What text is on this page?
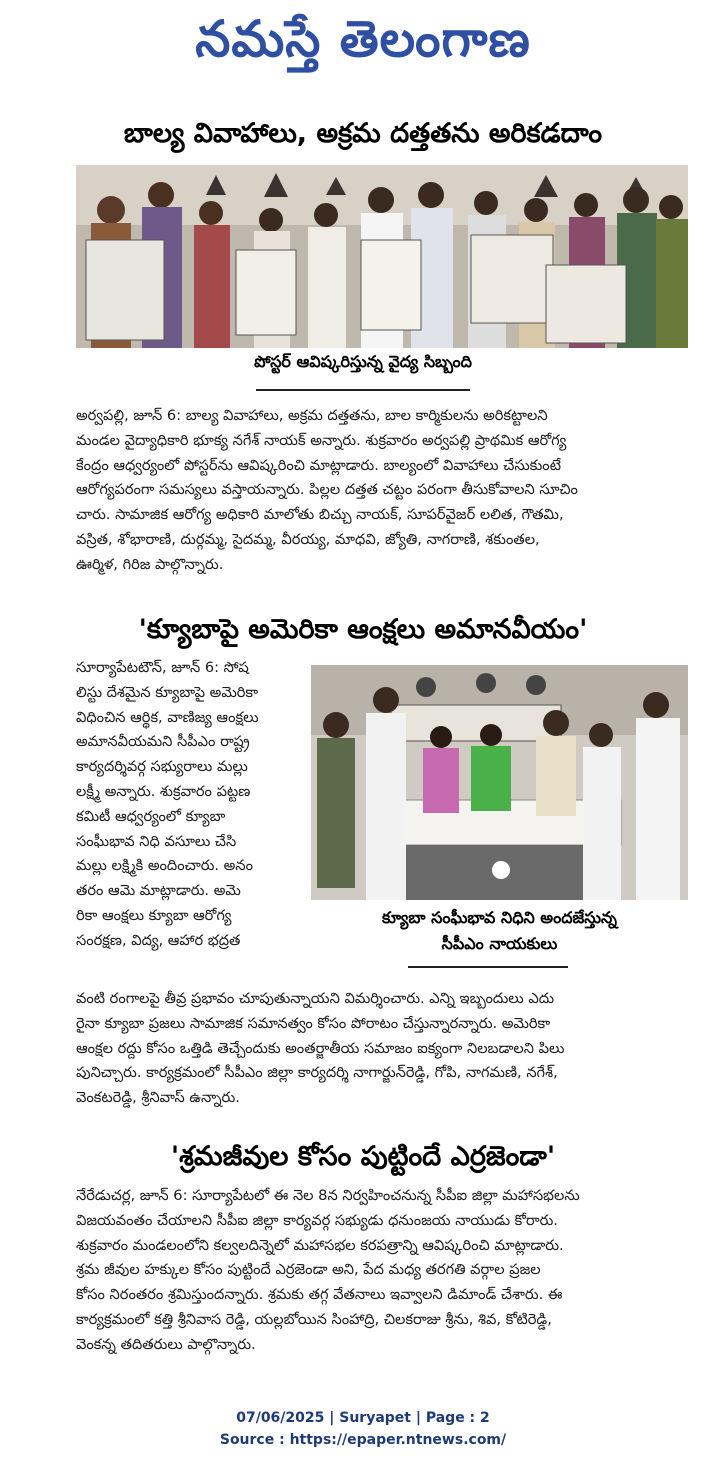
నమస్తే తెలంగాణ
బాల్య వివాహాలు, అక్రమ దత్తతను అరికడదాం
పోస్టర్ ఆవిష్కరిస్తున్న వైద్య సిబ్బంది
అర్వపల్లి, జూన్ 6: బాల్య వివాహాలు, అక్రమ దత్తతను, బాల కార్మికులను అరికట్టాలని
మండల వైద్యాధికారి భూక్య నగేశ్ నాయక్ అన్నారు. శుక్రవారం అర్వపల్లి ప్రాథమిక ఆరోగ్య
కేంద్రం ఆధ్వర్యంలో పోస్టర్‌ను ఆవిష్కరించి మాట్లాడారు. బాల్యంలో వివాహాలు చేసుకుంటే
ఆరోగ్యపరంగా సమస్యలు వస్తాయన్నారు. పిల్లల దత్తత చట్టం పరంగా తీసుకోవాలని సూచిం
చారు. సామాజిక ఆరోగ్య అధికారి మాలోతు బిచ్చు నాయక్, సూపర్‌వైజర్ లలిత, గౌతమి,
వస్రిత, శోభారాణి, దుర్గమ్మ, సైదమ్మ, వీరయ్య, మాధవి, జ్యోతి, నాగరాణి, శకుంతల,
ఊర్మిళ, గిరిజ పాల్గొన్నారు.
'క్యూబాపై అమెరికా ఆంక్షలు అమానవీయం'
సూర్యాపేటటౌన్, జూన్ 6: సోష
లిస్టు దేశమైన క్యూబాపై అమెరికా
విధించిన ఆర్థిక, వాణిజ్య ఆంక్షలు
అమానవీయమని సీపీఎం రాష్ట్ర
కార్యదర్శివర్గ సభ్యురాలు మల్లు
లక్ష్మీ అన్నారు. శుక్రవారం పట్టణ
కమిటీ ఆధ్వర్యంలో క్యూబా
సంఘీభావ నిధి వసూలు చేసి
మల్లు లక్ష్మికి అందించారు. అనం
తరం ఆమె మాట్లాడారు. అమె
రికా ఆంక్షలు క్యూబా ఆరోగ్య
సంరక్షణ, విద్య, ఆహార భద్రత
క్యూబా సంఘీభావ నిధిని అందజేస్తున్న
సీపీఎం నాయకులు
వంటి రంగాలపై తీవ్ర ప్రభావం చూపుతున్నాయని విమర్శించారు. ఎన్ని ఇబ్బందులు ఎదు
రైనా క్యూబా ప్రజలు సామాజిక సమానత్వం కోసం పోరాటం చేస్తున్నారన్నారు. అమెరికా
ఆంక్షల రద్దు కోసం ఒత్తిడి తెచ్చేందుకు అంతర్జాతీయ సమాజం ఐక్యంగా నిలబడాలని పిలు
పునిచ్చారు. కార్యక్రమంలో సీపీఎం జిల్లా కార్యదర్శి నాగార్జున్‌రెడ్డి, గోపి, నాగమణి, నగేశ్,
వెంకటరెడ్డి, శ్రీనివాస్ ఉన్నారు.
'శ్రమజీవుల కోసం పుట్టిందే ఎర్రజెండా'
నేరేడుచర్ల, జూన్ 6: సూర్యాపేటలో ఈ నెల 8న నిర్వహించనున్న సీపీఐ జిల్లా మహాసభలను
విజయవంతం చేయాలని సీపీఐ జిల్లా కార్యవర్గ సభ్యుడు ధనుంజయ నాయుడు కోరారు.
శుక్రవారం మండలంలోని కల్వలదిన్నెలో మహాసభల కరపత్రాన్ని ఆవిష్కరించి మాట్లాడారు.
శ్రమ జీవుల హక్కుల కోసం పుట్టిందే ఎర్రజెండా అని, పేద మధ్య తరగతి వర్గాల ప్రజల
కోసం నిరంతరం శ్రమిస్తుందన్నారు. శ్రమకు తగ్గ వేతనాలు ఇవ్వాలని డిమాండ్ చేశారు. ఈ
కార్యక్రమంలో కత్తి శ్రీనివాస రెడ్డి, యల్లబోయిన సింహాద్రి, చిలకరాజు శ్రీను, శివ, కోటిరెడ్డి,
వెంకన్న తదితరులు పాల్గొన్నారు.
07/06/2025 | Suryapet | Page : 2
Source : https://epaper.ntnews.com/
